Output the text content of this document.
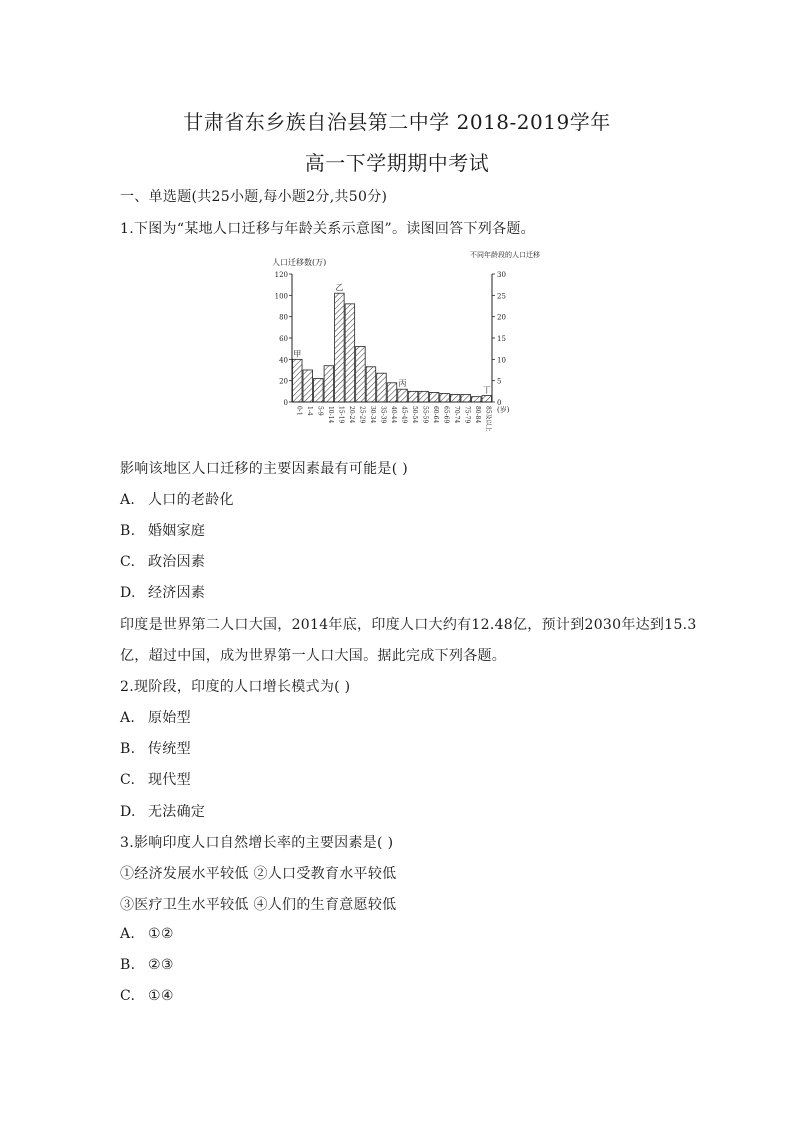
甘肃省东乡族自治县第二中学 2018-2019学年
高一下学期期中考试
一、单选题(共25小题,每小题2分,共50分)
1.下图为“某地人口迁移与年龄关系示意图”。读图回答下列各题。
人口迁移数(万)
不同年龄段的人口迁移
120
100
80
60
40
20
0
30
25
20
15
10
5
0
0-1 1-4 5-9 10-14 15-19 20-24 25-29 30-34 35-39 40-44 45-49 50-54 55-59 60-64 65-69 70-74 75-79 80-84 85及以上 (岁)
甲
乙
丙
丁
影响该地区人口迁移的主要因素最有可能是( )
A. 人口的老龄化
B. 婚姻家庭
C. 政治因素
D. 经济因素
印度是世界第二人口大国，2014年底，印度人口大约有12.48亿，预计到2030年达到15.3
亿，超过中国，成为世界第一人口大国。据此完成下列各题。
2.现阶段，印度的人口增长模式为( )
A. 原始型
B. 传统型
C. 现代型
D. 无法确定
3.影响印度人口自然增长率的主要因素是( )
①经济发展水平较低 ②人口受教育水平较低
③医疗卫生水平较低 ④人们的生育意愿较低
A. ①②
B. ②③
C. ①④
